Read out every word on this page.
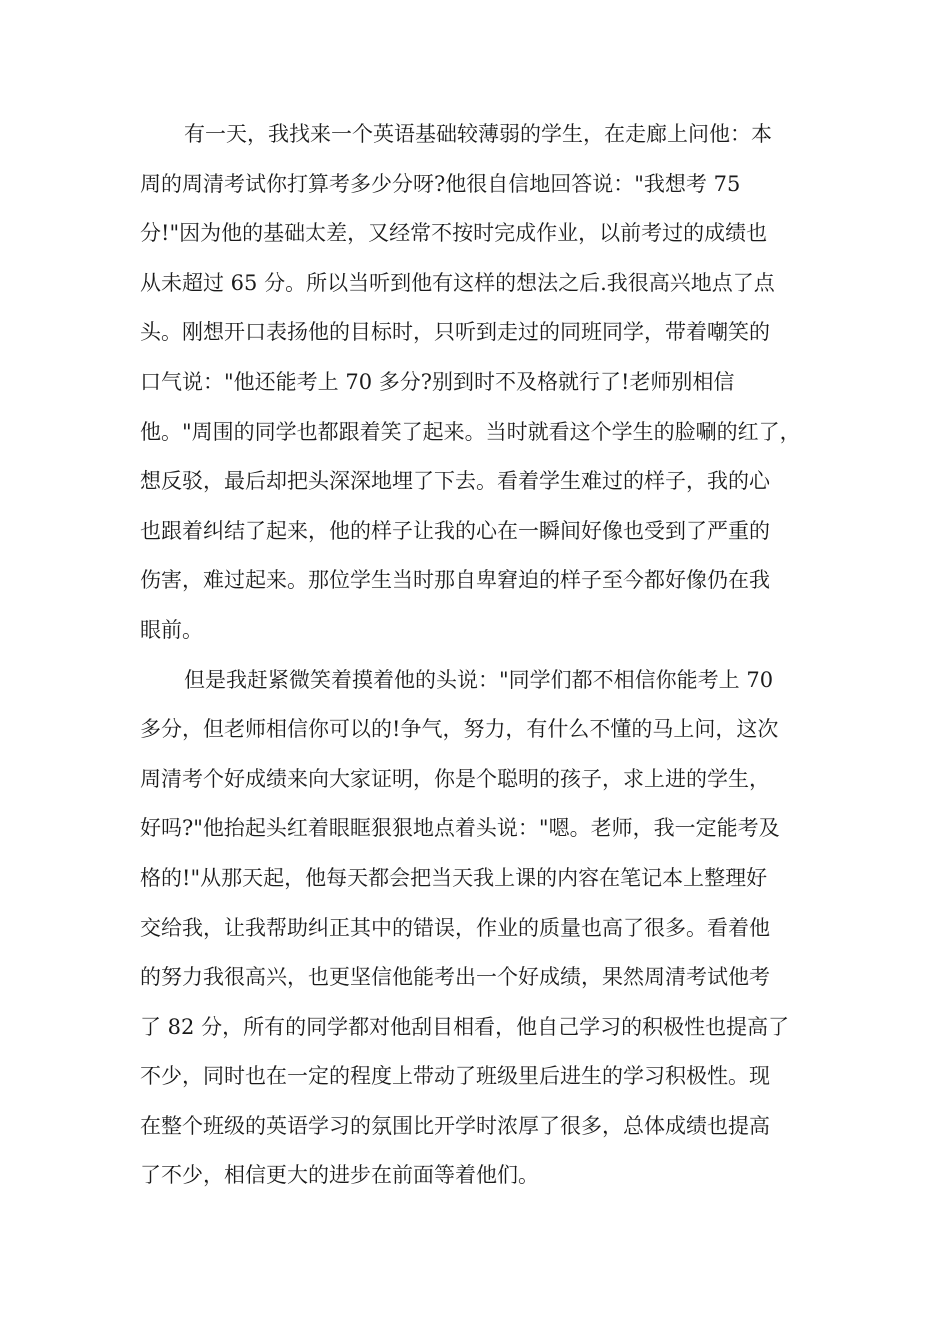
有一天，我找来一个英语基础较薄弱的学生，在走廊上问他：本
周的周清考试你打算考多少分呀?他很自信地回答说："我想考 75
分!"因为他的基础太差，又经常不按时完成作业，以前考过的成绩也
从未超过 65 分。所以当听到他有这样的想法之后.我很高兴地点了点
头。刚想开口表扬他的目标时，只听到走过的同班同学，带着嘲笑的
口气说："他还能考上 70 多分?别到时不及格就行了!老师别相信
他。"周围的同学也都跟着笑了起来。当时就看这个学生的脸唰的红了，
想反驳，最后却把头深深地埋了下去。看着学生难过的样子，我的心
也跟着纠结了起来，他的样子让我的心在一瞬间好像也受到了严重的
伤害，难过起来。那位学生当时那自卑窘迫的样子至今都好像仍在我
眼前。
但是我赶紧微笑着摸着他的头说："同学们都不相信你能考上 70
多分，但老师相信你可以的!争气，努力，有什么不懂的马上问，这次
周清考个好成绩来向大家证明，你是个聪明的孩子，求上进的学生，
好吗?"他抬起头红着眼眶狠狠地点着头说："嗯。老师，我一定能考及
格的!"从那天起，他每天都会把当天我上课的内容在笔记本上整理好
交给我，让我帮助纠正其中的错误，作业的质量也高了很多。看着他
的努力我很高兴，也更坚信他能考出一个好成绩，果然周清考试他考
了 82 分，所有的同学都对他刮目相看，他自己学习的积极性也提高了
不少，同时也在一定的程度上带动了班级里后进生的学习积极性。现
在整个班级的英语学习的氛围比开学时浓厚了很多，总体成绩也提高
了不少，相信更大的进步在前面等着他们。
